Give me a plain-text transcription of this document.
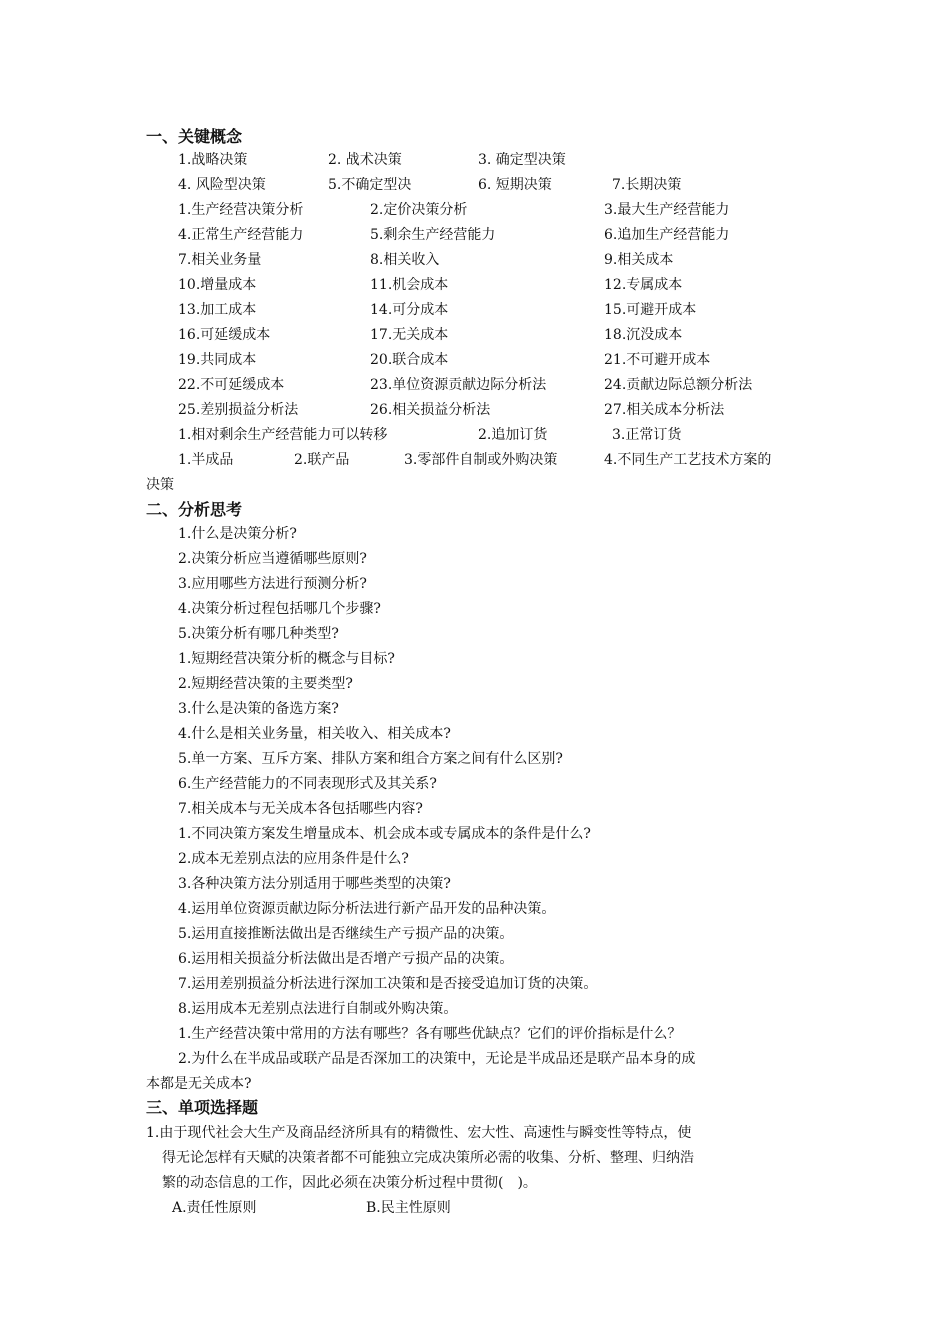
一、关键概念
1.战略决策	2. 战术决策	3. 确定型决策
4. 风险型决策	5.不确定型决	6. 短期决策	7.长期决策
1.生产经营决策分析	2.定价决策分析	3.最大生产经营能力
4.正常生产经营能力	5.剩余生产经营能力	6.追加生产经营能力
7.相关业务量	8.相关收入	9.相关成本
10.增量成本	11.机会成本	12.专属成本
13.加工成本	14.可分成本	15.可避开成本
16.可延缓成本	17.无关成本	18.沉没成本
19.共同成本	20.联合成本	21.不可避开成本
22.不可延缓成本	23.单位资源贡献边际分析法	24.贡献边际总额分析法
25.差别损益分析法	26.相关损益分析法	27.相关成本分析法
1.相对剩余生产经营能力可以转移	2.追加订货	3.正常订货
1.半成品	2.联产品	3.零部件自制或外购决策	4.不同生产工艺技术方案的
决策
二、分析思考
1.什么是决策分析?
2.决策分析应当遵循哪些原则?
3.应用哪些方法进行预测分析?
4.决策分析过程包括哪几个步骤?
5.决策分析有哪几种类型?
1.短期经营决策分析的概念与目标?
2.短期经营决策的主要类型?
3.什么是决策的备选方案?
4.什么是相关业务量，相关收入、相关成本?
5.单一方案、互斥方案、排队方案和组合方案之间有什么区别?
6.生产经营能力的不同表现形式及其关系?
7.相关成本与无关成本各包括哪些内容?
1.不同决策方案发生增量成本、机会成本或专属成本的条件是什么?
2.成本无差别点法的应用条件是什么?
3.各种决策方法分别适用于哪些类型的决策?
4.运用单位资源贡献边际分析法进行新产品开发的品种决策。
5.运用直接推断法做出是否继续生产亏损产品的决策。
6.运用相关损益分析法做出是否增产亏损产品的决策。
7.运用差别损益分析法进行深加工决策和是否接受追加订货的决策。
8.运用成本无差别点法进行自制或外购决策。
1.生产经营决策中常用的方法有哪些？各有哪些优缺点？它们的评价指标是什么？
2.为什么在半成品或联产品是否深加工的决策中，无论是半成品还是联产品本身的成
本都是无关成本?
三、单项选择题
1.由于现代社会大生产及商品经济所具有的精微性、宏大性、高速性与瞬变性等特点，使
得无论怎样有天赋的决策者都不可能独立完成决策所必需的收集、分析、整理、归纳浩
繁的动态信息的工作，因此必须在决策分析过程中贯彻(　)。
A.责任性原则	B.民主性原则
